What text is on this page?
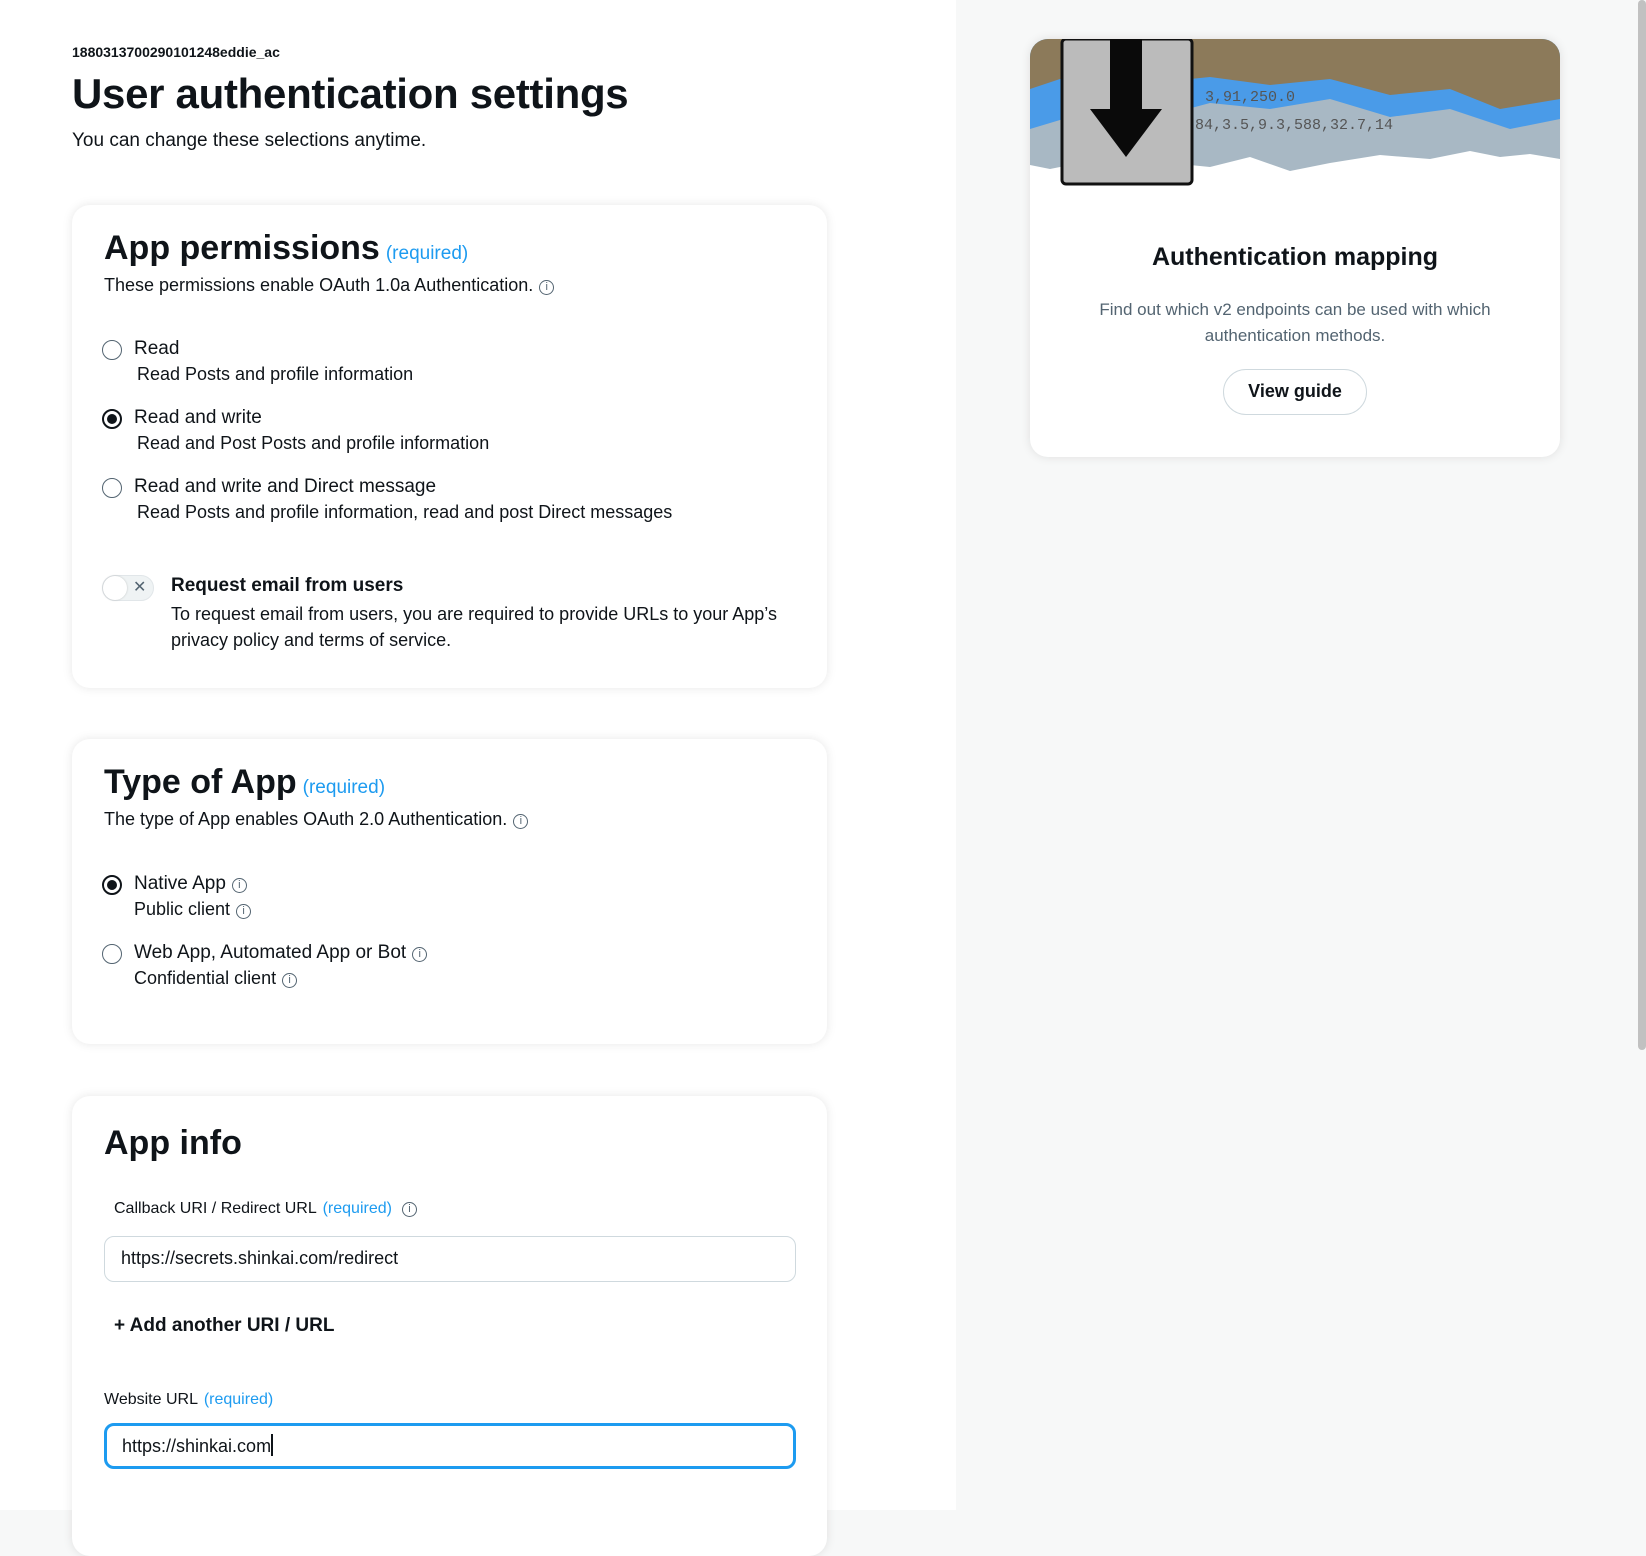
1880313700290101248eddie_ac
User authentication settings
You can change these selections anytime.
App permissions (required)
These permissions enable OAuth 1.0a Authentication. i
Read
Read Posts and profile information
Read and write
Read and Post Posts and profile information
Read and write and Direct message
Read Posts and profile information, read and post Direct messages
✕ Request email from users
To request email from users, you are required to provide URLs to your App’s privacy policy and terms of service.
Type of App (required)
The type of App enables OAuth 2.0 Authentication. i
Native App i
Public client i
Web App, Automated App or Bot i
Confidential client i
App info
Callback URI / Redirect URL (required) i
https://secrets.shinkai.com/redirect
+ Add another URI / URL
Website URL (required)
https://shinkai.com
3,91,250.0
84,3.5,9.3,588,32.7,14
Authentication mapping
Find out which v2 endpoints can be used with which authentication methods.
View guide
